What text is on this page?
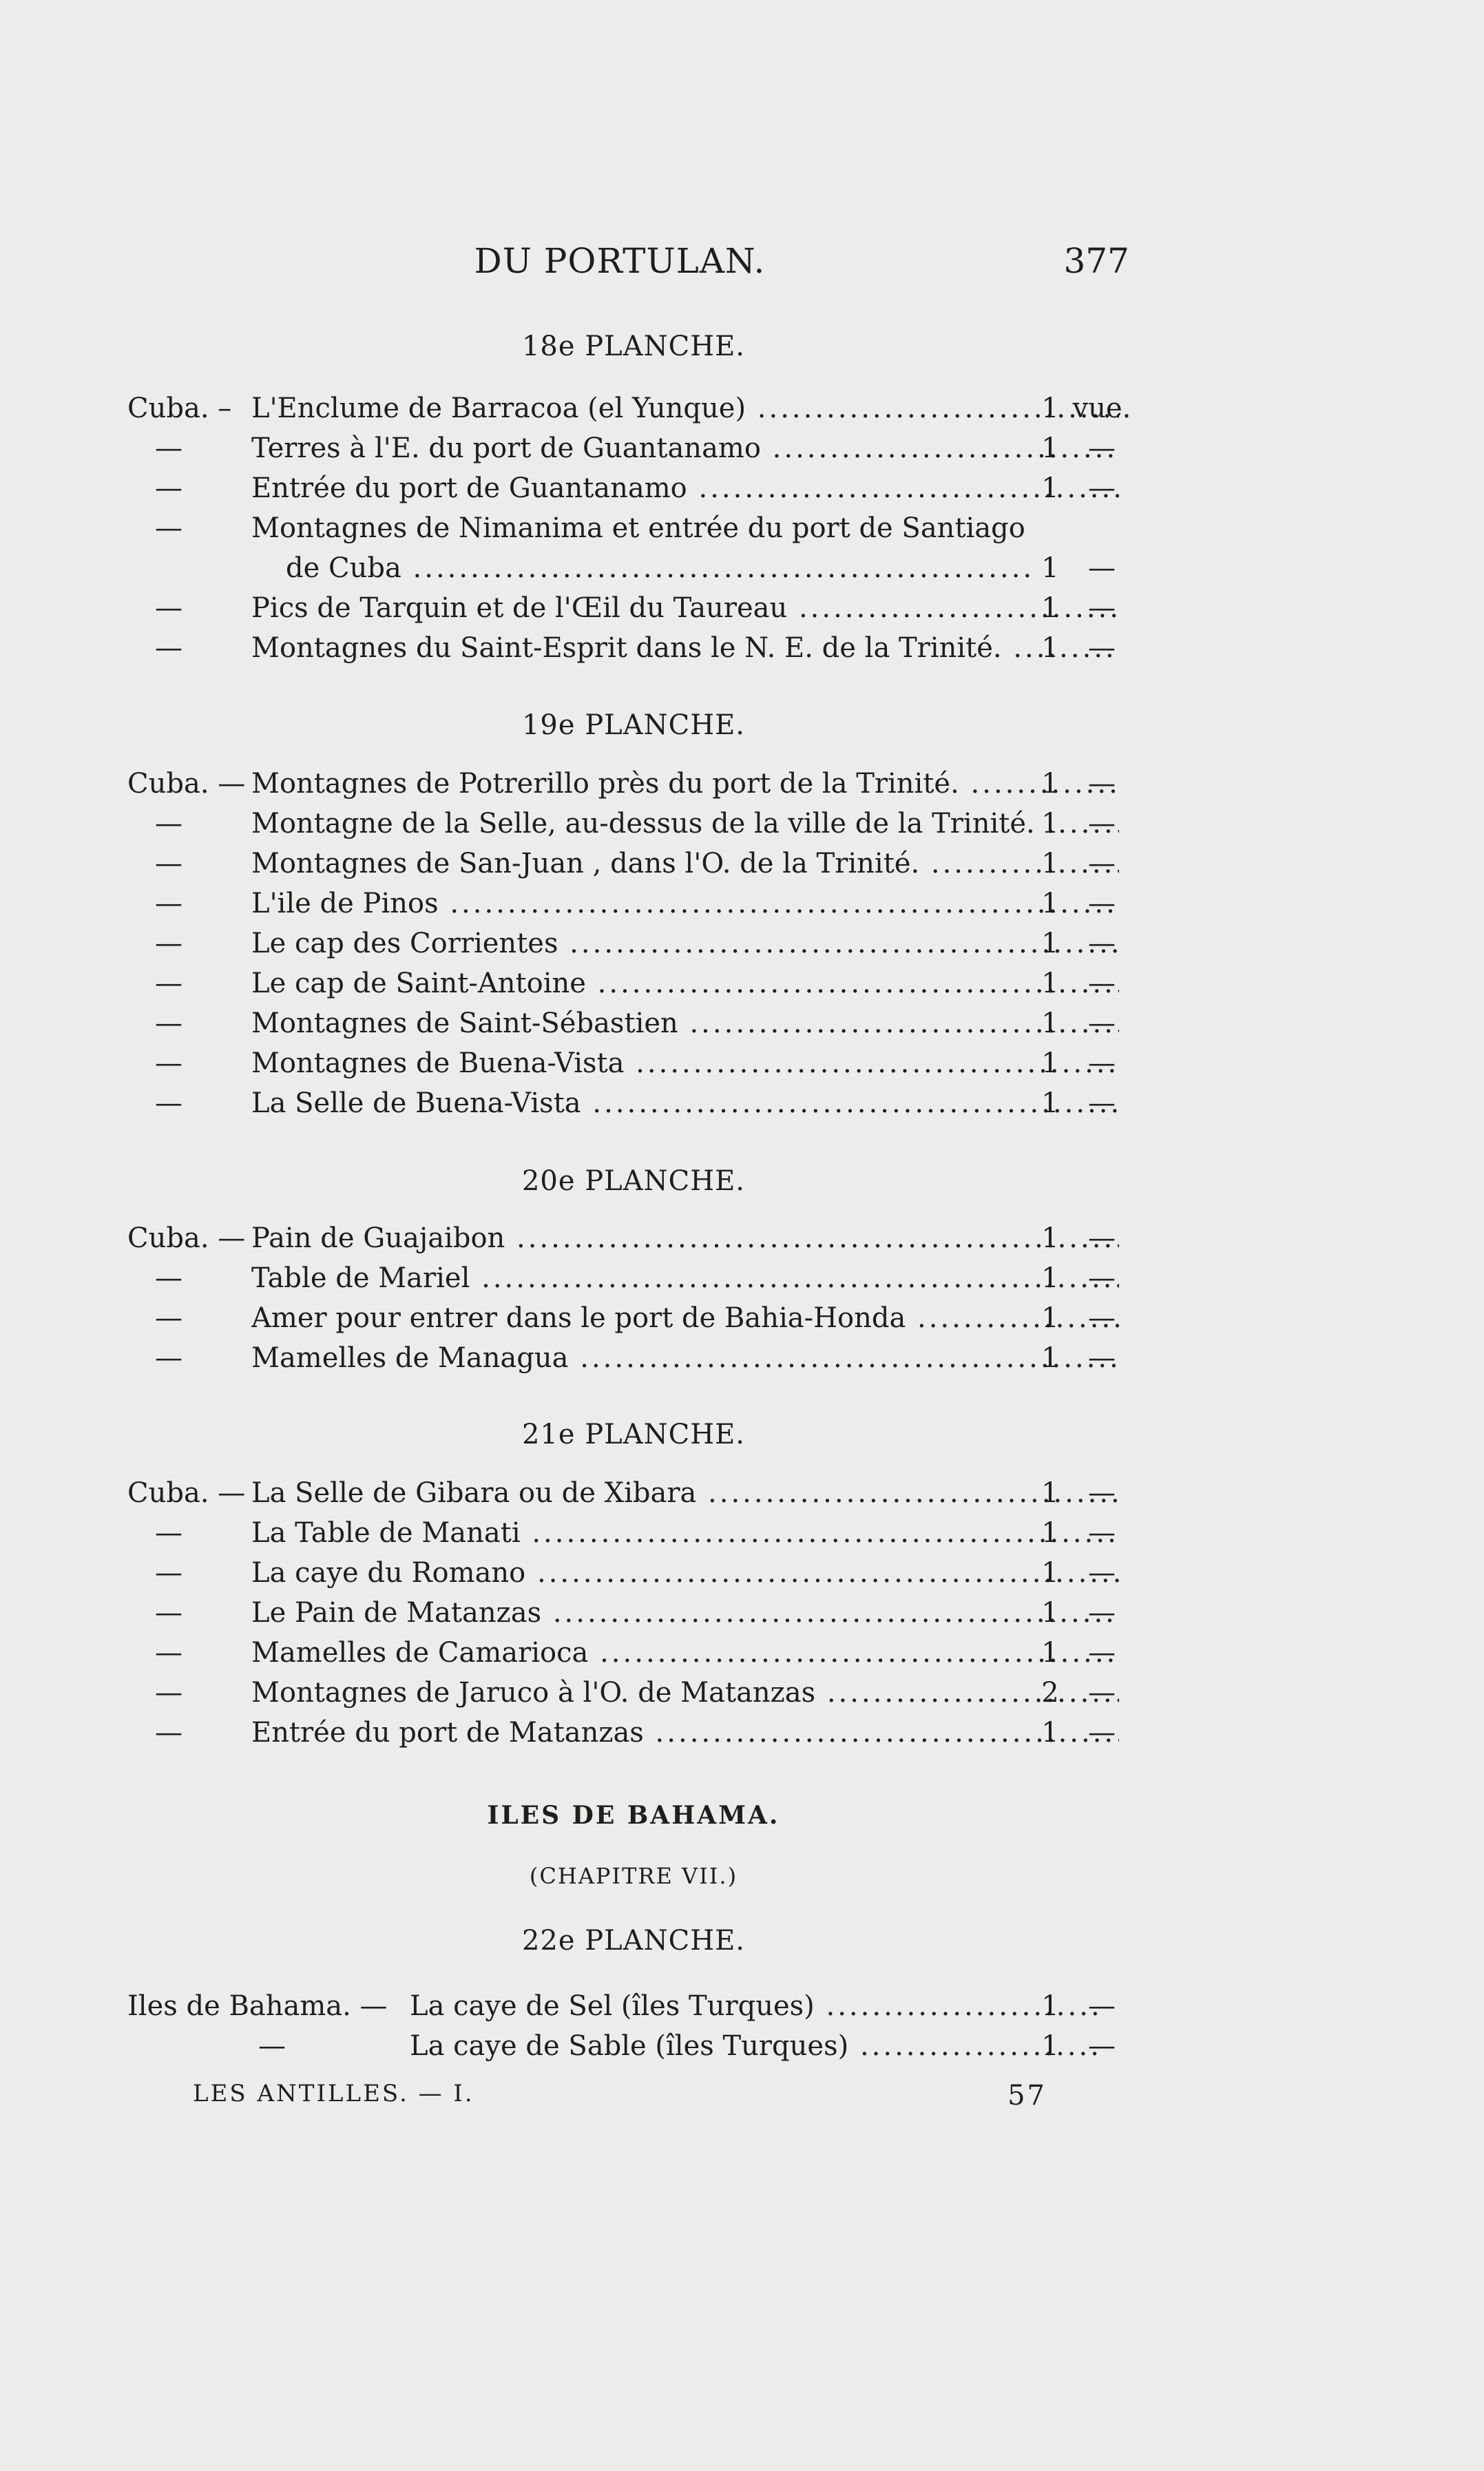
DU PORTULAN.	377
18e PLANCHE.
Cuba. – L'Enclume de Barracoa (el Yunque) .....	1 vue.
—	Terres à l'E. du port de Guantanamo .....	1	—
—	Entrée du port de Guantanamo .....	1	—
—	Montagnes de Nimanima et entrée du port de Santiago
de Cuba .....	1	—
—	Pics de Tarquin et de l'Œil du Taureau .....	1	—
—	Montagnes du Saint-Esprit dans le N. E. de la Trinité. .....	1	—
19e PLANCHE.
Cuba. — Montagnes de Potrerillo près du port de la Trinité. .....	1	—
—	Montagne de la Selle, au-dessus de la ville de la Trinité. ..... 1	—
—	Montagnes de San-Juan , dans l'O. de la Trinité. .....	1	—
—	L'ile de Pinos .....	1	—
—	Le cap des Corrientes .....	1	—
—	Le cap de Saint-Antoine .....	1	—
—	Montagnes de Saint-Sébastien .....	1	—
—	Montagnes de Buena-Vista .....	1	—
—	La Selle de Buena-Vista .....	1	—
20e PLANCHE.
Cuba. — Pain de Guajaibon .....	1	—
—	Table de Mariel .....	1	—
—	Amer pour entrer dans le port de Bahia-Honda .....	1	—
—	Mamelles de Managua .....	1	—
21e PLANCHE.
Cuba. — La Selle de Gibara ou de Xibara .....	1	—
—	La Table de Manati .....	1	—
—	La caye du Romano .....	1	—
—	Le Pain de Matanzas .....	1	—
—	Mamelles de Camarioca .....	1	—
—	Montagnes de Jaruco à l'O. de Matanzas .....	2	—
—	Entrée du port de Matanzas .....	1	—
ILES DE BAHAMA.
(CHAPITRE VII.)
22e PLANCHE.
Iles de Bahama. — La caye de Sel (îles Turques) .....	1	—
—	La caye de Sable (îles Turques) .....	1	—
LES ANTILLES. — I.	57
